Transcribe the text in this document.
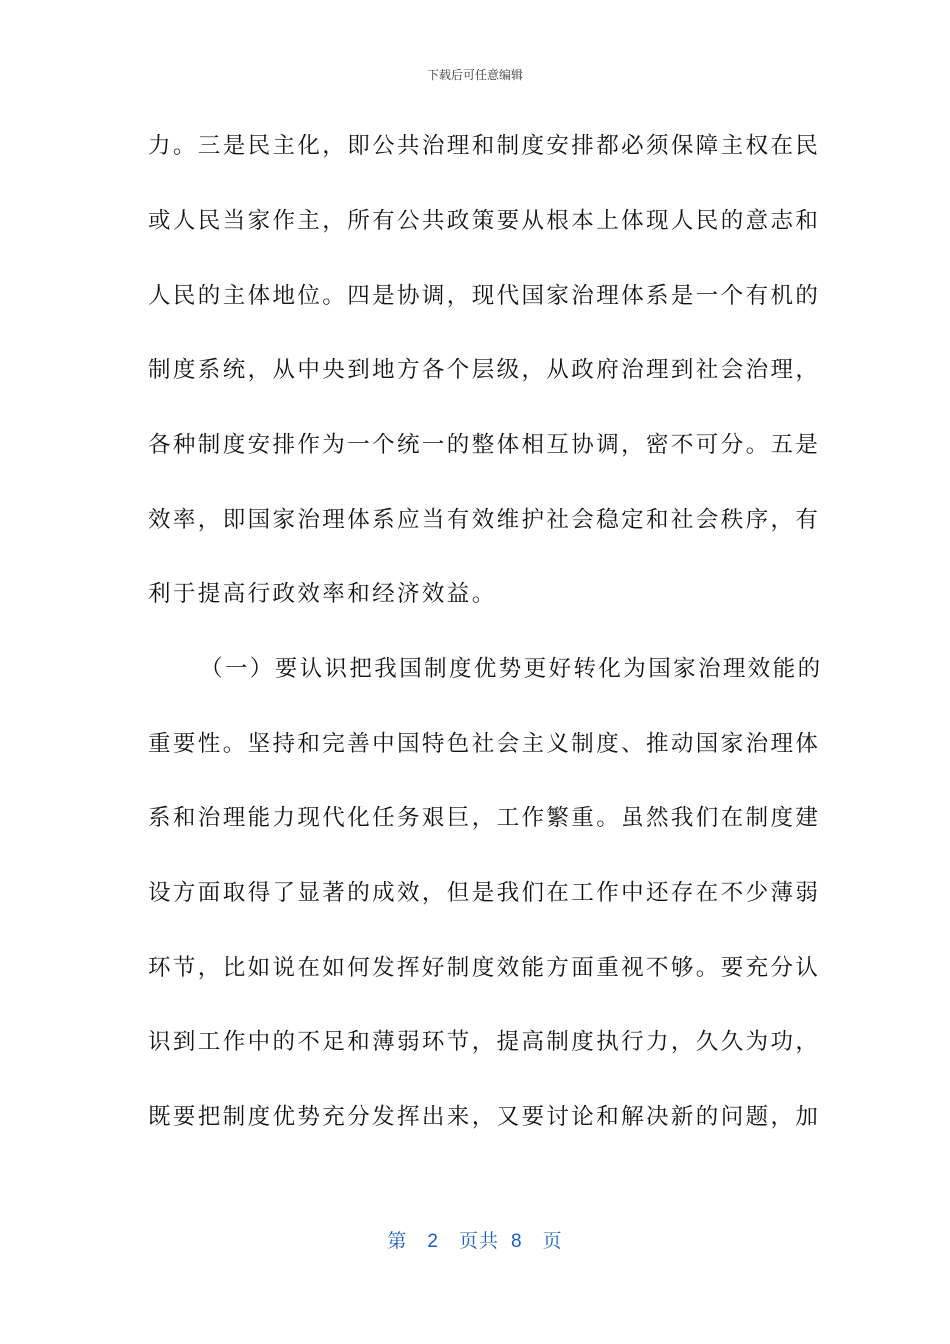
下载后可任意编辑
力。三是民主化，即公共治理和制度安排都必须保障主权在民
或人民当家作主，所有公共政策要从根本上体现人民的意志和
人民的主体地位。四是协调，现代国家治理体系是一个有机的
制度系统，从中央到地方各个层级，从政府治理到社会治理，
各种制度安排作为一个统一的整体相互协调，密不可分。五是
效率，即国家治理体系应当有效维护社会稳定和社会秩序，有
利于提高行政效率和经济效益。
（一）要认识把我国制度优势更好转化为国家治理效能的
重要性。坚持和完善中国特色社会主义制度、推动国家治理体
系和治理能力现代化任务艰巨，工作繁重。虽然我们在制度建
设方面取得了显著的成效，但是我们在工作中还存在不少薄弱
环节，比如说在如何发挥好制度效能方面重视不够。要充分认
识到工作中的不足和薄弱环节，提高制度执行力，久久为功，
既要把制度优势充分发挥出来，又要讨论和解决新的问题，加
第 2 页共 8 页
